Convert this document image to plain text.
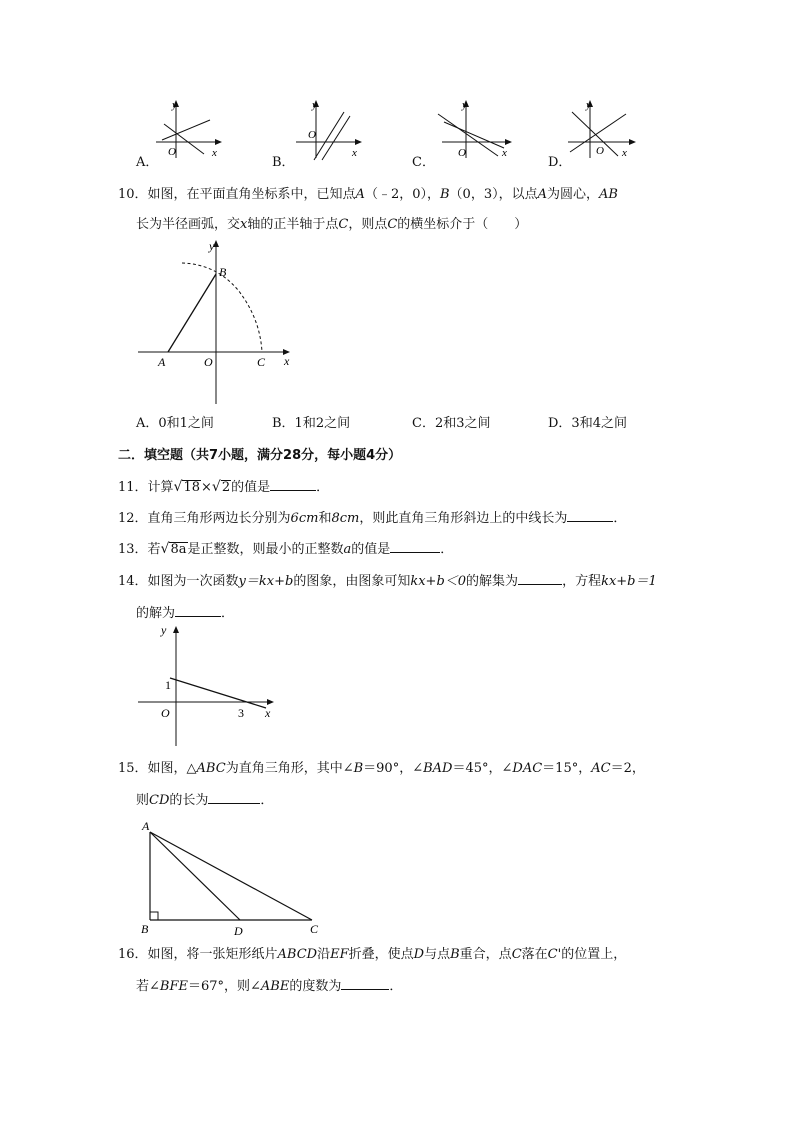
y
x
O
A．
y
x
O
B．
y
x
O
C．
y
x
O
D．
10．如图，在平面直角坐标系中，已知点A（﹣2，0），B（0，3），以点A为圆心，AB
长为半径画弧，交x轴的正半轴于点C，则点C的横坐标介于（　　）
y
x
A	O
B
C
A．0和1之间	B．1和2之间	C．2和3之间	D．3和4之间
二．填空题（共7小题，满分28分，每小题4分）
11．计算√18×√2的值是	．
12．直角三角形两边长分别为6cm和8cm，则此直角三角形斜边上的中线长为	．
13．若√8a是正整数，则最小的正整数a的值是	．
14．如图为一次函数y＝kx+b的图象，由图象可知kx+b＜0的解集为	，方程kx+b＝1
的解为	．
y
x
O
1
3
15．如图，△ABC为直角三角形，其中∠B＝90°，∠BAD＝45°，∠DAC＝15°，AC＝2，
则CD的长为	．
A
B	D	C
16．如图，将一张矩形纸片ABCD沿EF折叠，使点D与点B重合，点C落在C'的位置上，
若∠BFE＝67°，则∠ABE的度数为	．
